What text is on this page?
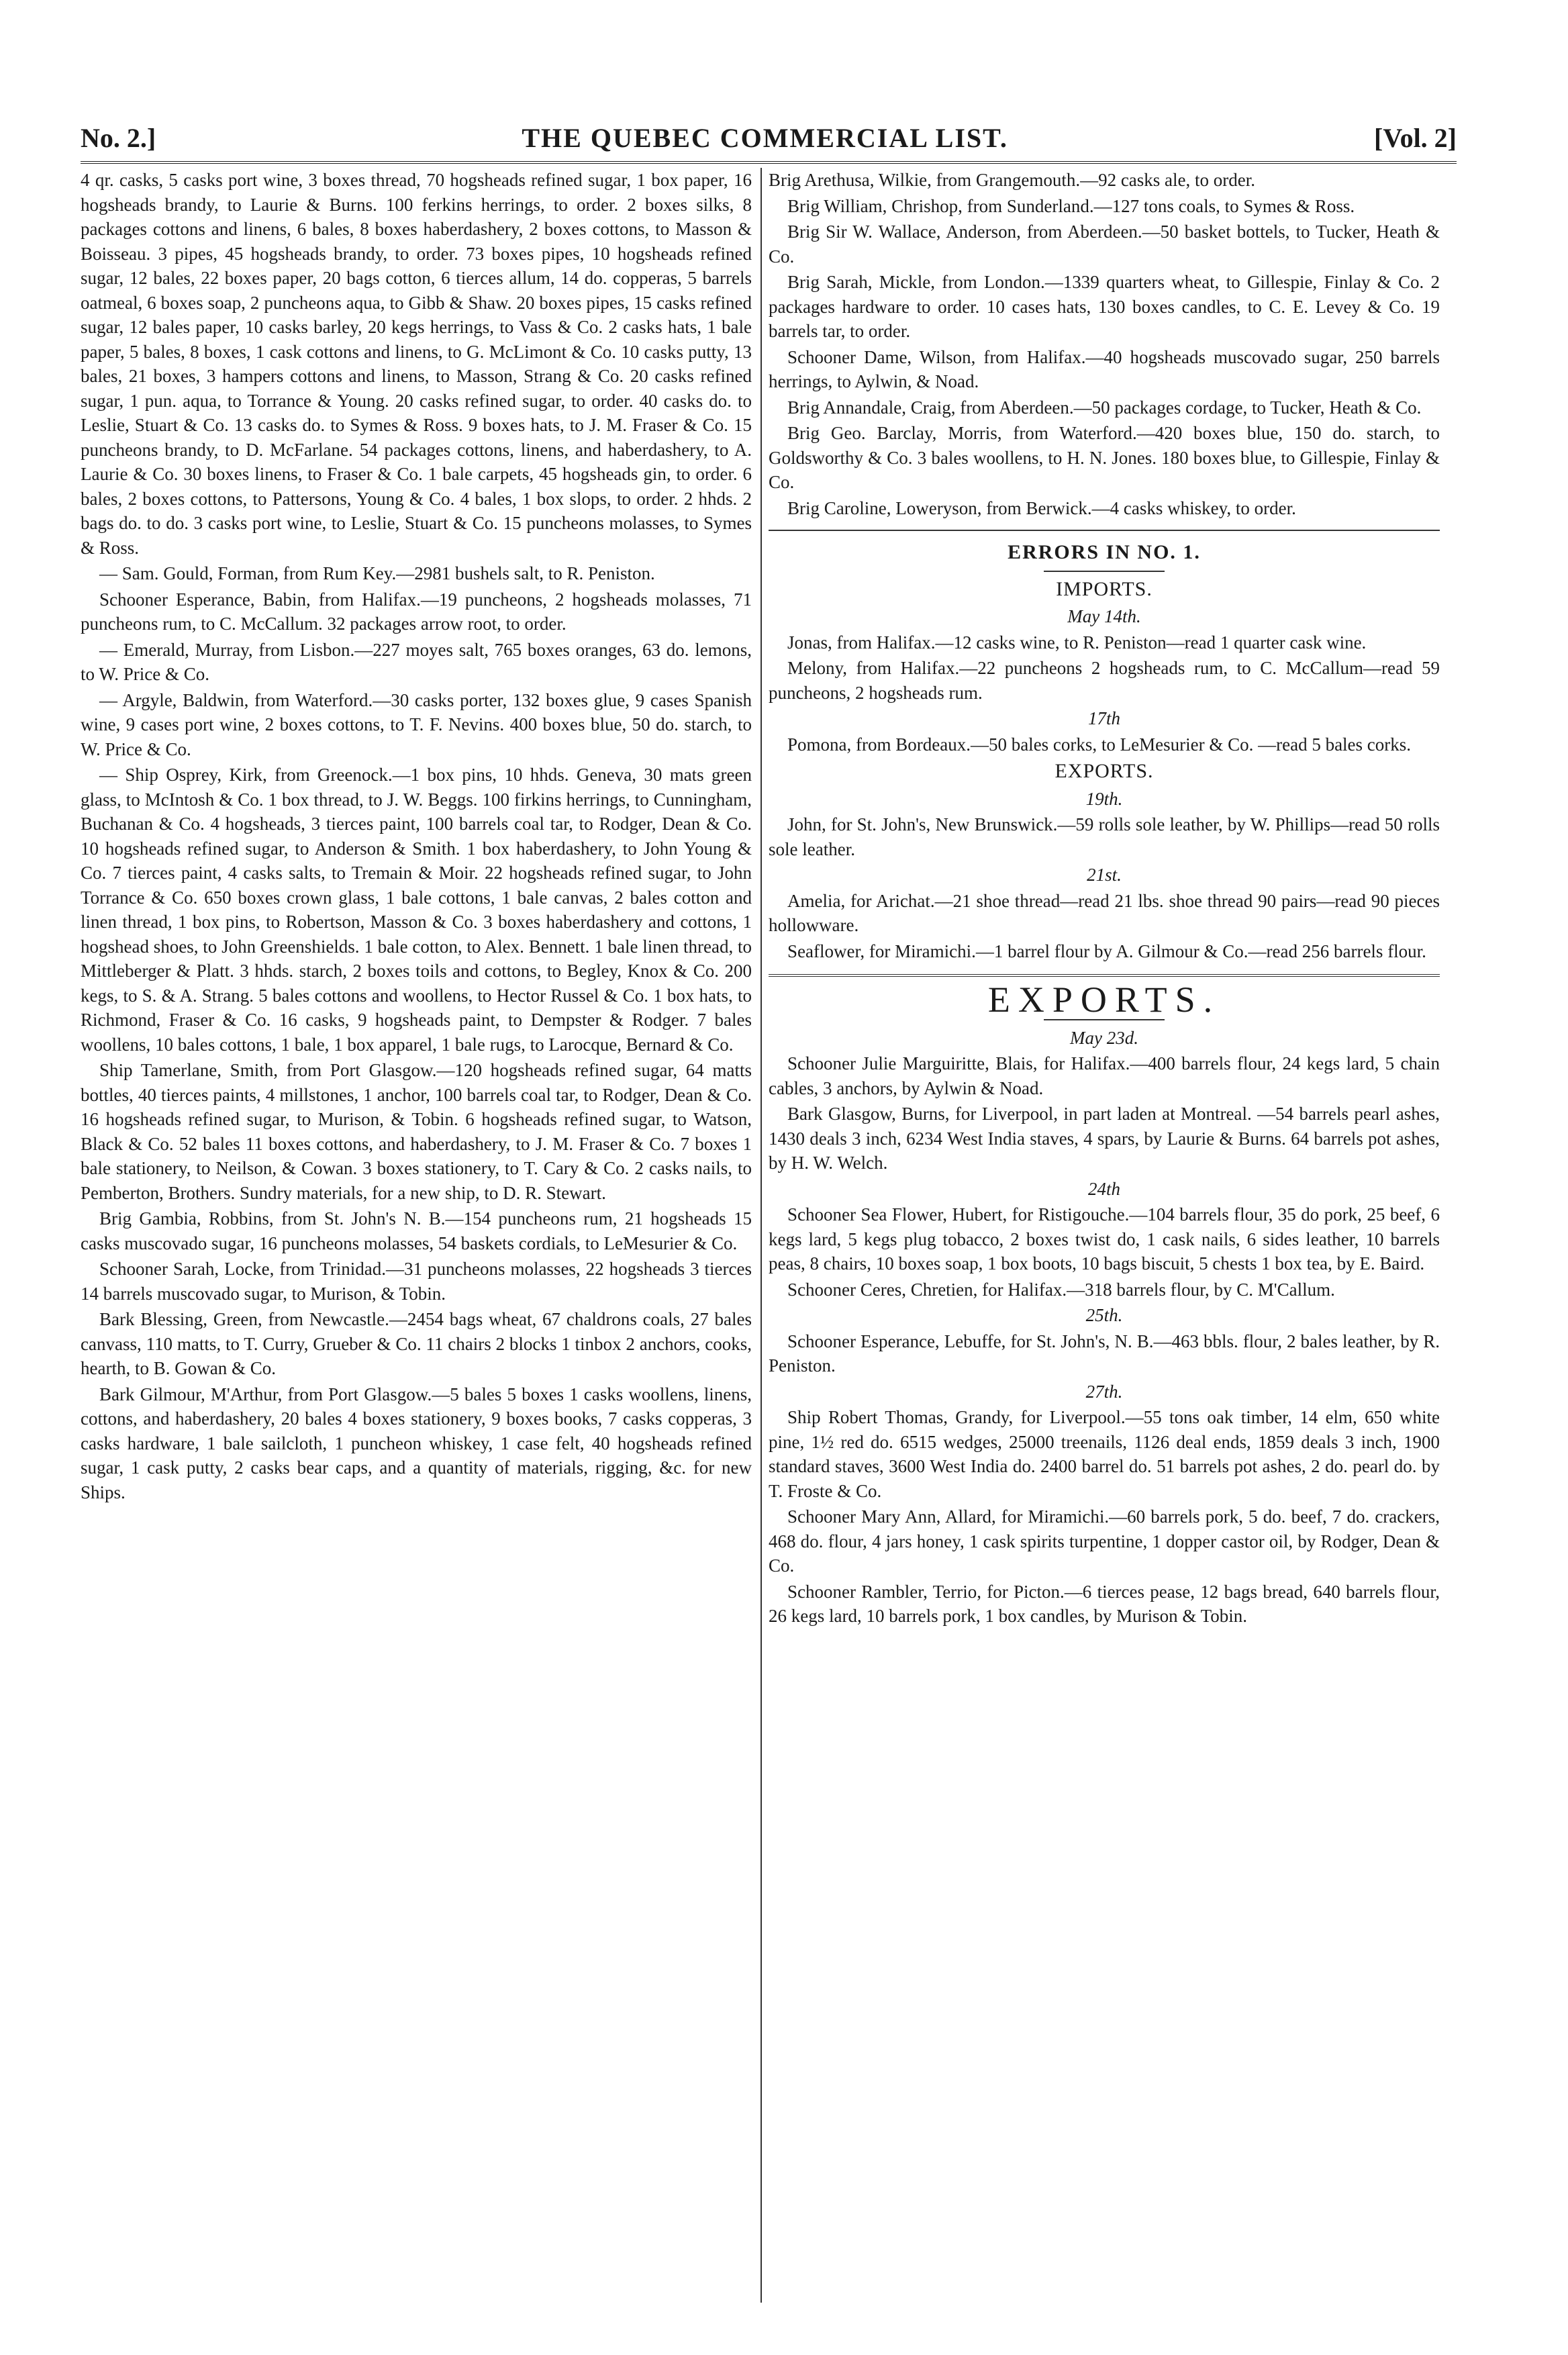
No. 2.]	THE QUEBEC COMMERCIAL LIST.	[Vol. 2]

4 qr. casks, 5 casks port wine, 3 boxes thread, 70 hogsheads refined sugar, 1 box paper, 16 hogsheads brandy, to Laurie & Burns. 100 ferkins herrings, to order. 2 boxes silks, 8 packages cottons and linens, 6 bales, 8 boxes haberdashery, 2 boxes cottons, to Masson & Boisseau. 3 pipes, 45 hogsheads brandy, to order. 73 boxes pipes, 10 hogsheads refined sugar, 12 bales, 22 boxes paper, 20 bags cotton, 6 tierces allum, 14 do. copperas, 5 barrels oatmeal, 6 boxes soap, 2 puncheons aqua, to Gibb & Shaw. 20 boxes pipes, 15 casks refined sugar, 12 bales paper, 10 casks barley, 20 kegs herrings, to Vass & Co. 2 casks hats, 1 bale paper, 5 bales, 8 boxes, 1 cask cottons and linens, to G. McLimont & Co. 10 casks putty, 13 bales, 21 boxes, 3 hampers cottons and linens, to Masson, Strang & Co. 20 casks refined sugar, 1 pun. aqua, to Torrance & Young. 20 casks refined sugar, to order. 40 casks do. to Leslie, Stuart & Co. 13 casks do. to Symes & Ross. 9 boxes hats, to J. M. Fraser & Co. 15 puncheons brandy, to D. McFarlane. 54 packages cottons, linens, and haberdashery, to A. Laurie & Co. 30 boxes linens, to Fraser & Co. 1 bale carpets, 45 hogsheads gin, to order. 6 bales, 2 boxes cottons, to Pattersons, Young & Co. 4 bales, 1 box slops, to order. 2 hhds. 2 bags do. to do. 3 casks port wine, to Leslie, Stuart & Co. 15 puncheons molasses, to Symes & Ross.

— Sam. Gould, Forman, from Rum Key.—2981 bushels salt, to R. Peniston.

Schooner Esperance, Babin, from Halifax.—19 puncheons, 2 hogsheads molasses, 71 puncheons rum, to C. McCallum. 32 packages arrow root, to order.

— Emerald, Murray, from Lisbon.—227 moyes salt, 765 boxes oranges, 63 do. lemons, to W. Price & Co.

— Argyle, Baldwin, from Waterford.—30 casks porter, 132 boxes glue, 9 cases Spanish wine, 9 cases port wine, 2 boxes cottons, to T. F. Nevins. 400 boxes blue, 50 do. starch, to W. Price & Co.

— Ship Osprey, Kirk, from Greenock.—1 box pins, 10 hhds. Geneva, 30 mats green glass, to McIntosh & Co. 1 box thread, to J. W. Beggs. 100 firkins herrings, to Cunningham, Buchanan & Co. 4 hogsheads, 3 tierces paint, 100 barrels coal tar, to Rodger, Dean & Co. 10 hogsheads refined sugar, to Anderson & Smith. 1 box haberdashery, to John Young & Co. 7 tierces paint, 4 casks salts, to Tremain & Moir. 22 hogsheads refined sugar, to John Torrance & Co. 650 boxes crown glass, 1 bale cottons, 1 bale canvas, 2 bales cotton and linen thread, 1 box pins, to Robertson, Masson & Co. 3 boxes haberdashery and cottons, 1 hogshead shoes, to John Greenshields. 1 bale cotton, to Alex. Bennett. 1 bale linen thread, to Mittleberger & Platt. 3 hhds. starch, 2 boxes toils and cottons, to Begley, Knox & Co. 200 kegs, to S. & A. Strang. 5 bales cottons and woollens, to Hector Russel & Co. 1 box hats, to Richmond, Fraser & Co. 16 casks, 9 hogsheads paint, to Dempster & Rodger. 7 bales woollens, 10 bales cottons, 1 bale, 1 box apparel, 1 bale rugs, to Larocque, Bernard & Co.

Ship Tamerlane, Smith, from Port Glasgow.—120 hogsheads refined sugar, 64 matts bottles, 40 tierces paints, 4 millstones, 1 anchor, 100 barrels coal tar, to Rodger, Dean & Co. 16 hogsheads refined sugar, to Murison, & Tobin. 6 hogsheads refined sugar, to Watson, Black & Co. 52 bales 11 boxes cottons, and haberdashery, to J. M. Fraser & Co. 7 boxes 1 bale stationery, to Neilson, & Cowan. 3 boxes stationery, to T. Cary & Co. 2 casks nails, to Pemberton, Brothers. Sundry materials, for a new ship, to D. R. Stewart.

Brig Gambia, Robbins, from St. John's N. B.—154 puncheons rum, 21 hogsheads 15 casks muscovado sugar, 16 puncheons molasses, 54 baskets cordials, to LeMesurier & Co.

Schooner Sarah, Locke, from Trinidad.—31 puncheons molasses, 22 hogsheads 3 tierces 14 barrels muscovado sugar, to Murison, & Tobin.

Bark Blessing, Green, from Newcastle.—2454 bags wheat, 67 chaldrons coals, 27 bales canvass, 110 matts, to T. Curry, Grueber & Co. 11 chairs 2 blocks 1 tinbox 2 anchors, cooks, hearth, to B. Gowan & Co.

Bark Gilmour, M'Arthur, from Port Glasgow.—5 bales 5 boxes 1 casks woollens, linens, cottons, and haberdashery, 20 bales 4 boxes stationery, 9 boxes books, 7 casks copperas, 3 casks hardware, 1 bale sailcloth, 1 puncheon whiskey, 1 case felt, 40 hogsheads refined sugar, 1 cask putty, 2 casks bear caps, and a quantity of materials, rigging, &c. for new Ships.

Brig Arethusa, Wilkie, from Grangemouth.—92 casks ale, to order.

Brig William, Chrishop, from Sunderland.—127 tons coals, to Symes & Ross.

Brig Sir W. Wallace, Anderson, from Aberdeen.—50 basket bottels, to Tucker, Heath & Co.

Brig Sarah, Mickle, from London.—1339 quarters wheat, to Gillespie, Finlay & Co. 2 packages hardware to order. 10 cases hats, 130 boxes candles, to C. E. Levey & Co. 19 barrels tar, to order.

Schooner Dame, Wilson, from Halifax.—40 hogsheads muscovado sugar, 250 barrels herrings, to Aylwin, & Noad.

Brig Annandale, Craig, from Aberdeen.—50 packages cordage, to Tucker, Heath & Co.

Brig Geo. Barclay, Morris, from Waterford.—420 boxes blue, 150 do. starch, to Goldsworthy & Co. 3 bales woollens, to H. N. Jones. 180 boxes blue, to Gillespie, Finlay & Co.

Brig Caroline, Loweryson, from Berwick.—4 casks whiskey, to order.

ERRORS IN NO. 1.
IMPORTS.
May 14th.

Jonas, from Halifax.—12 casks wine, to R. Peniston—read 1 quarter cask wine.

Melony, from Halifax.—22 puncheons 2 hogsheads rum, to C. McCallum—read 59 puncheons, 2 hogsheads rum.

17th

Pomona, from Bordeaux.—50 bales corks, to LeMesurier & Co. —read 5 bales corks.

EXPORTS.
19th.

John, for St. John's, New Brunswick.—59 rolls sole leather, by W. Phillips—read 50 rolls sole leather.

21st.

Amelia, for Arichat.—21 shoe thread—read 21 lbs. shoe thread 90 pairs—read 90 pieces hollowware.

Seaflower, for Miramichi.—1 barrel flour by A. Gilmour & Co.—read 256 barrels flour.

EXPORTS.
May 23d.

Schooner Julie Marguiritte, Blais, for Halifax.—400 barrels flour, 24 kegs lard, 5 chain cables, 3 anchors, by Aylwin & Noad.

Bark Glasgow, Burns, for Liverpool, in part laden at Montreal. —54 barrels pearl ashes, 1430 deals 3 inch, 6234 West India staves, 4 spars, by Laurie & Burns. 64 barrels pot ashes, by H. W. Welch.

24th

Schooner Sea Flower, Hubert, for Ristigouche.—104 barrels flour, 35 do pork, 25 beef, 6 kegs lard, 5 kegs plug tobacco, 2 boxes twist do, 1 cask nails, 6 sides leather, 10 barrels peas, 8 chairs, 10 boxes soap, 1 box boots, 10 bags biscuit, 5 chests 1 box tea, by E. Baird.

Schooner Ceres, Chretien, for Halifax.—318 barrels flour, by C. M'Callum.

25th.

Schooner Esperance, Lebuffe, for St. John's, N. B.—463 bbls. flour, 2 bales leather, by R. Peniston.

27th.

Ship Robert Thomas, Grandy, for Liverpool.—55 tons oak timber, 14 elm, 650 white pine, 1½ red do. 6515 wedges, 25000 treenails, 1126 deal ends, 1859 deals 3 inch, 1900 standard staves, 3600 West India do. 2400 barrel do. 51 barrels pot ashes, 2 do. pearl do. by T. Froste & Co.

Schooner Mary Ann, Allard, for Miramichi.—60 barrels pork, 5 do. beef, 7 do. crackers, 468 do. flour, 4 jars honey, 1 cask spirits turpentine, 1 dopper castor oil, by Rodger, Dean & Co.

Schooner Rambler, Terrio, for Picton.—6 tierces pease, 12 bags bread, 640 barrels flour, 26 kegs lard, 10 barrels pork, 1 box candles, by Murison & Tobin.
